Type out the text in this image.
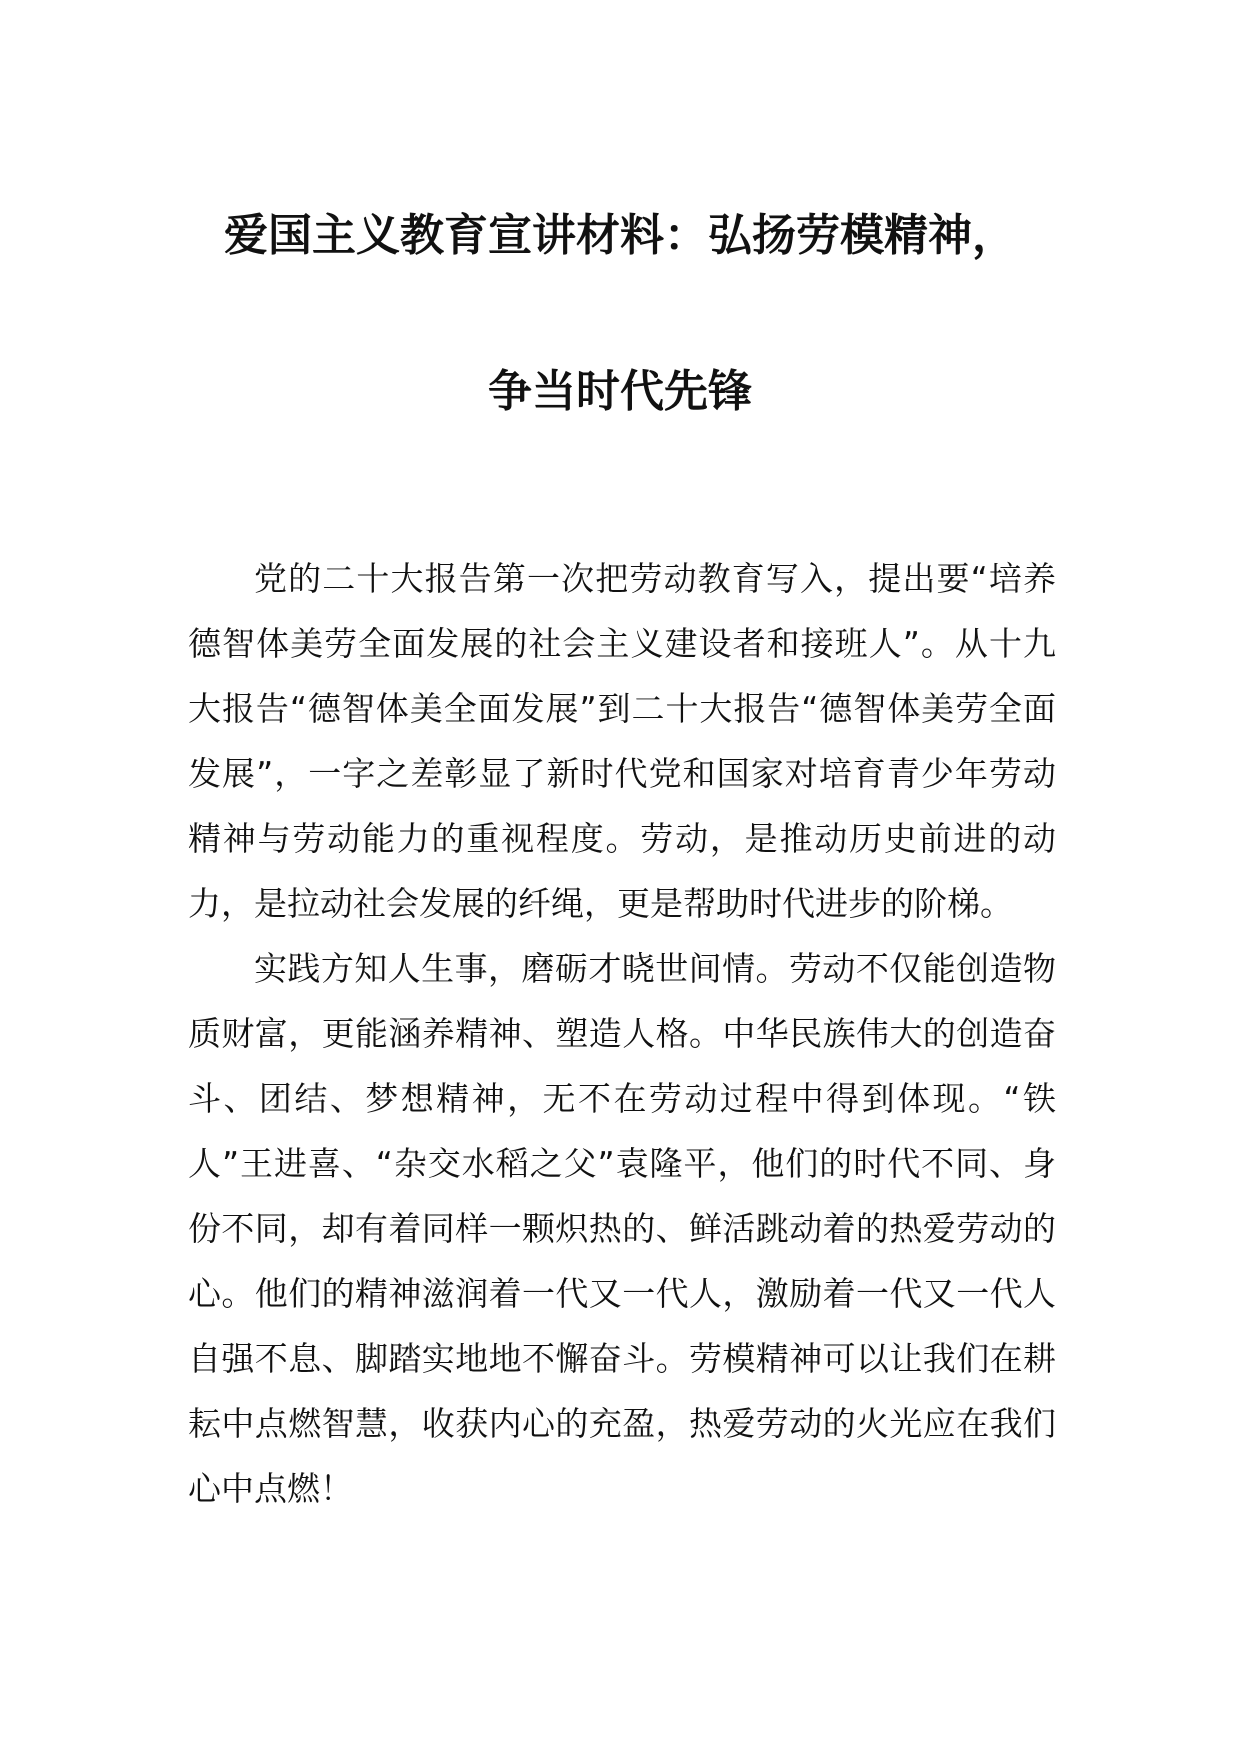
爱国主义教育宣讲材料：弘扬劳模精神，
争当时代先锋

党的二十大报告第一次把劳动教育写入，提出要“培养德智体美劳全面发展的社会主义建设者和接班人”。从十九大报告“德智体美全面发展”到二十大报告“德智体美劳全面发展”，一字之差彰显了新时代党和国家对培育青少年劳动精神与劳动能力的重视程度。劳动，是推动历史前进的动力，是拉动社会发展的纤绳，更是帮助时代进步的阶梯。

实践方知人生事，磨砺才晓世间情。劳动不仅能创造物质财富，更能涵养精神、塑造人格。中华民族伟大的创造奋斗、团结、梦想精神，无不在劳动过程中得到体现。“铁人”王进喜、“杂交水稻之父”袁隆平，他们的时代不同、身份不同，却有着同样一颗炽热的、鲜活跳动着的热爱劳动的心。他们的精神滋润着一代又一代人，激励着一代又一代人自强不息、脚踏实地地不懈奋斗。劳模精神可以让我们在耕耘中点燃智慧，收获内心的充盈，热爱劳动的火光应在我们心中点燃！
